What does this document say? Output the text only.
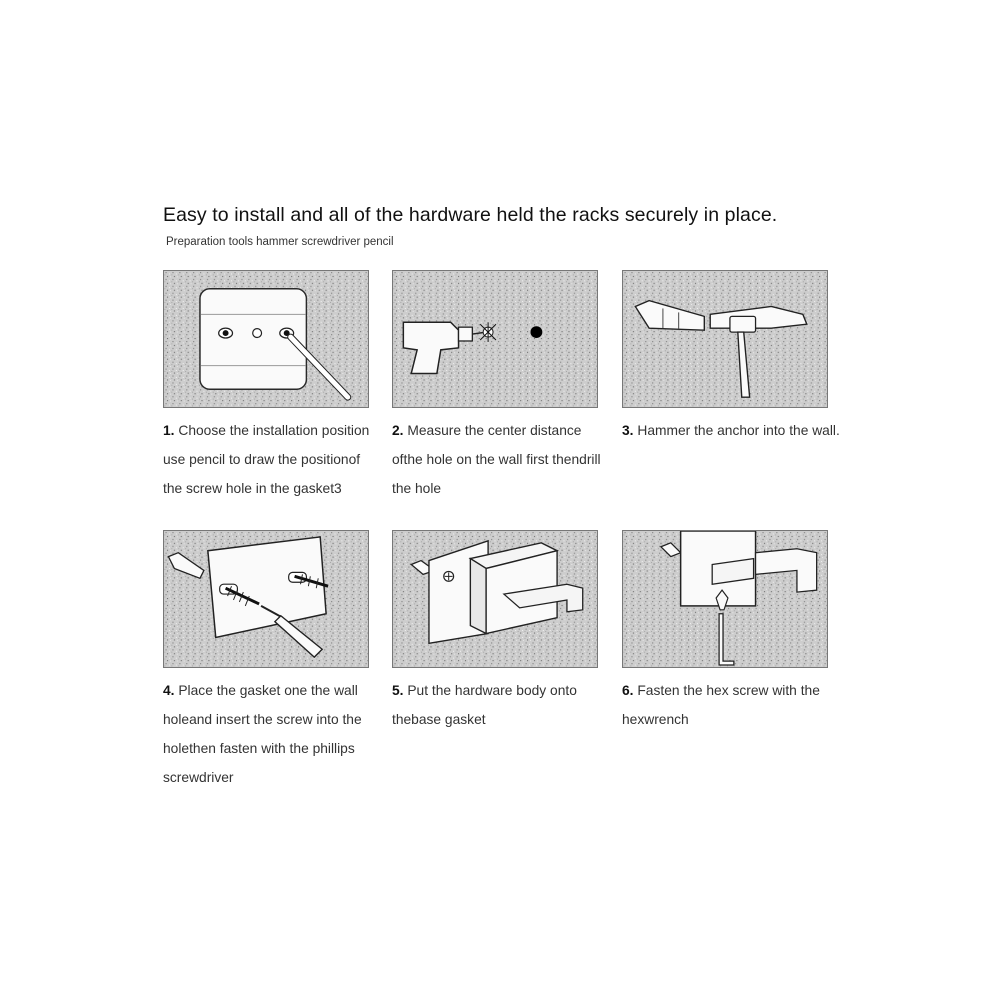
Easy to install and all of the hardware held the racks securely in place.

Preparation tools hammer screwdriver pencil

1. Choose the installation position use pencil to draw the positionof the screw hole in the gasket3

2. Measure the center distance ofthe hole on the wall first thendrill the hole

3. Hammer the anchor into the wall.

4. Place the gasket one the wall holeand insert the screw into the holethen fasten with the phillips screwdriver

5. Put the hardware body onto thebase gasket

6. Fasten the hex screw with the hexwrench
